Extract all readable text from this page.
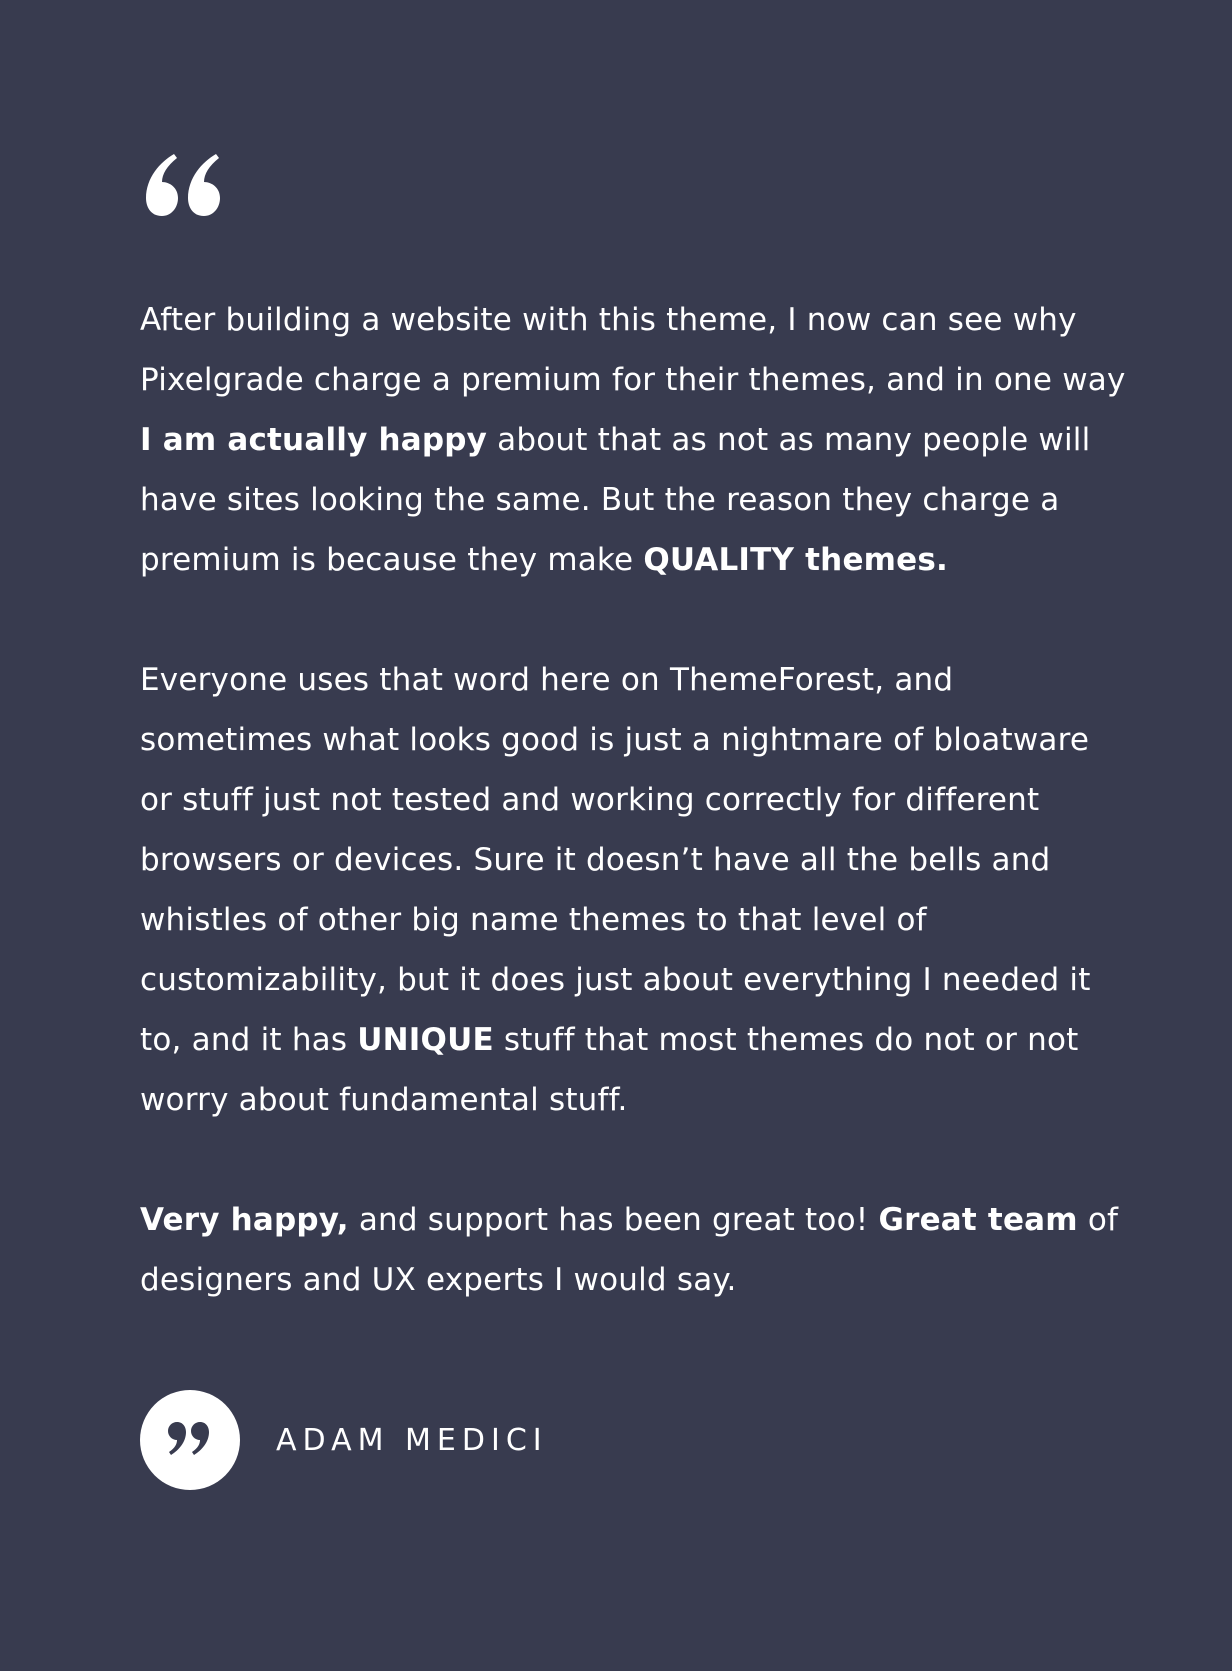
After building a website with this theme, I now can see why Pixelgrade charge a premium for their themes, and in one way I am actually happy about that as not as many people will have sites looking the same. But the reason they charge a premium is because they make QUALITY themes.

Everyone uses that word here on ThemeForest, and sometimes what looks good is just a nightmare of bloatware or stuff just not tested and working correctly for different browsers or devices. Sure it doesn’t have all the bells and whistles of other big name themes to that level of customizability, but it does just about everything I needed it to, and it has UNIQUE stuff that most themes do not or not worry about fundamental stuff.

Very happy, and support has been great too! Great team of designers and UX experts I would say.

ADAM MEDICI
